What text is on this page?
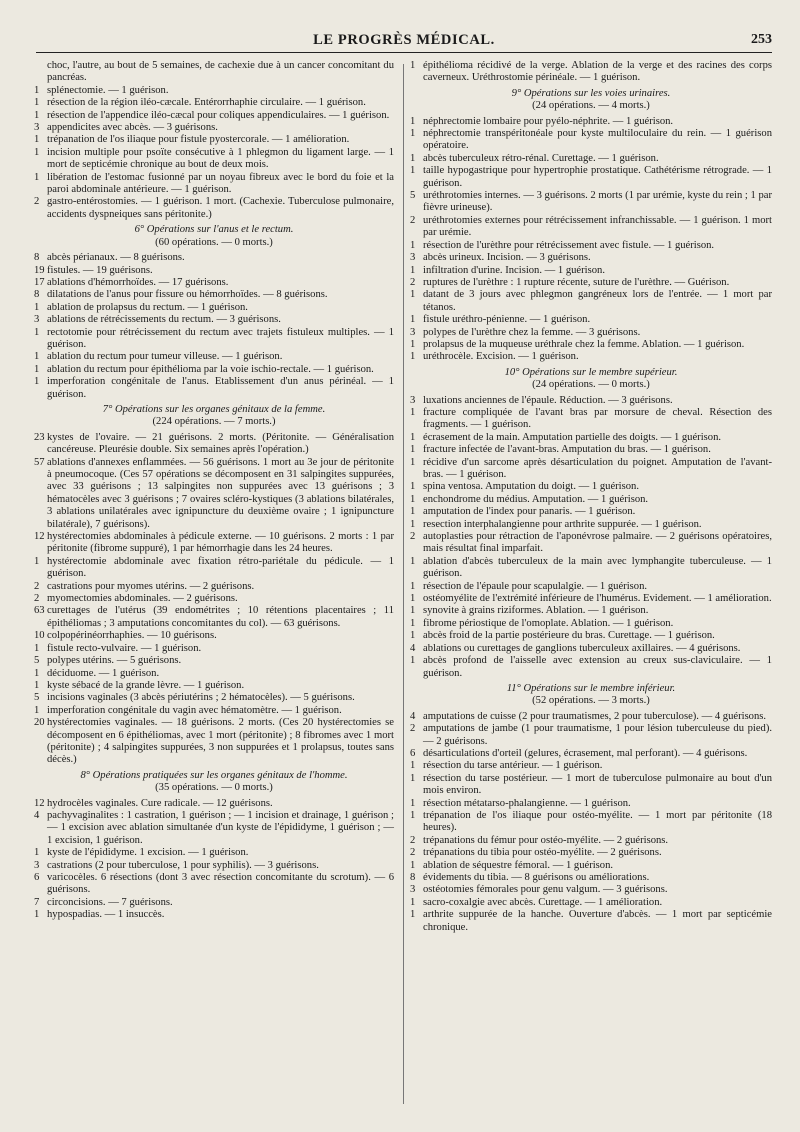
LE PROGRÈS MÉDICAL.	253
choc, l'autre, au bout de 5 semaines, de cachexie due à un cancer concomitant du pancréas.
1 splénectomie. — 1 guérison.
1 résection de la région iléo-cæcale. Entérorrhaphie circulaire. — 1 guérison.
1 résection de l'appendice iléo-cæcal pour coliques appendiculaires. — 1 guérison.
3 appendicites avec abcès. — 3 guérisons.
1 trépanation de l'os iliaque pour fistule pyostercorale. — 1 amélioration.
1 incision multiple pour psoïte consécutive à 1 phlegmon du ligament large. — 1 mort de septicémie chronique au bout de deux mois.
1 libération de l'estomac fusionné par un noyau fibreux avec le bord du foie et la paroi abdominale antérieure. — 1 guérison.
2 gastro-entérostomies. — 1 guérison. 1 mort. (Cachexie. Tuberculose pulmonaire, accidents dyspneiques sans péritonite.)
6° Opérations sur l'anus et le rectum.
(60 opérations. — 0 morts.)
8 abcès périanaux. — 8 guérisons.
19 fistules. — 19 guérisons.
17 ablations d'hémorrhoïdes. — 17 guérisons.
8 dilatations de l'anus pour fissure ou hémorrhoïdes. — 8 guérisons.
1 ablation de prolapsus du rectum. — 1 guérison.
3 ablations de rétrécissements du rectum. — 3 guérisons.
1 rectotomie pour rétrécissement du rectum avec trajets fistuleux multiples. — 1 guérison.
1 ablation du rectum pour tumeur villeuse. — 1 guérison.
1 ablation du rectum pour épithélioma par la voie ischio-rectale. — 1 guérison.
1 imperforation congénitale de l'anus. Etablissement d'un anus périnéal. — 1 guérison.
7° Opérations sur les organes génitaux de la femme.
(224 opérations. — 7 morts.)
23 kystes de l'ovaire. — 21 guérisons. 2 morts. (Péritonite. — Généralisation cancéreuse. Pleurésie double. Six semaines après l'opération.)
57 ablations d'annexes enflammées. — 56 guérisons. 1 mort au 3e jour de péritonite à pneumocoque. (Ces 57 opérations se décomposent en 31 salpingites suppurées, avec 33 guérisons ; 13 salpingites non suppurées avec 13 guérisons ; 3 hématocèles avec 3 guérisons ; 7 ovaires scléro-kystiques (3 ablations bilatérales, 3 ablations unilatérales avec ignipuncture du deuxième ovaire ; 1 ignipuncture bilatérale), 7 guérisons).
12 hystérectomies abdominales à pédicule externe. — 10 guérisons. 2 morts : 1 par péritonite (fibrome suppuré), 1 par hémorrhagie dans les 24 heures.
1 hystérectomie abdominale avec fixation rétro-pariétale du pédicule. — 1 guérison.
2 castrations pour myomes utérins. — 2 guérisons.
2 myomectomies abdominales. — 2 guérisons.
63 curettages de l'utérus (39 endométrites ; 10 rétentions placentaires ; 11 épithéliomas ; 3 amputations concomitantes du col). — 63 guérisons.
10 colpopérinéorrhaphies. — 10 guérisons.
1 fistule recto-vulvaire. — 1 guérison.
5 polypes utérins. — 5 guérisons.
1 déciduome. — 1 guérison.
1 kyste sébacé de la grande lèvre. — 1 guérison.
5 incisions vaginales (3 abcès périutérins ; 2 hématocèles). — 5 guérisons.
1 imperforation congénitale du vagin avec hématomètre. — 1 guérison.
20 hystérectomies vaginales. — 18 guérisons. 2 morts. (Ces 20 hystérectomies se décomposent en 6 épithéliomas, avec 1 mort (péritonite) ; 8 fibromes avec 1 mort (péritonite) ; 4 salpingites suppurées, 3 non suppurées et 1 prolapsus, toutes sans décès.)
8° Opérations pratiquées sur les organes génitaux de l'homme.
(35 opérations. — 0 morts.)
12 hydrocèles vaginales. Cure radicale. — 12 guérisons.
4 pachyvaginalites : 1 castration, 1 guérison ; — 1 incision et drainage, 1 guérison ; — 1 excision avec ablation simultanée d'un kyste de l'épididyme, 1 guérison ; — 1 excision, 1 guérison.
1 kyste de l'épididyme. 1 excision. — 1 guérison.
3 castrations (2 pour tuberculose, 1 pour syphilis). — 3 guérisons.
6 varicocèles. 6 résections (dont 3 avec résection concomitante du scrotum). — 6 guérisons.
7 circoncisions. — 7 guérisons.
1 hypospadias. — 1 insuccès.
1 épithélioma récidivé de la verge. Ablation de la verge et des racines des corps caverneux. Uréthrostomie périnéale. — 1 guérison.
9° Opérations sur les voies urinaires.
(24 opérations. — 4 morts.)
1 néphrectomie lombaire pour pyélo-néphrite. — 1 guérison.
1 néphrectomie transpéritonéale pour kyste multiloculaire du rein. — 1 guérison opératoire.
1 abcès tuberculeux rétro-rénal. Curettage. — 1 guérison.
1 taille hypogastrique pour hypertrophie prostatique. Cathétérisme rétrograde. — 1 guérison.
5 uréthrotomies internes. — 3 guérisons. 2 morts (1 par urémie, kyste du rein ; 1 par fièvre urineuse).
2 uréthrotomies externes pour rétrécissement infranchissable. — 1 guérison. 1 mort par urémie.
1 résection de l'urèthre pour rétrécissement avec fistule. — 1 guérison.
3 abcès urineux. Incision. — 3 guérisons.
1 infiltration d'urine. Incision. — 1 guérison.
2 ruptures de l'urèthre : 1 rupture récente, suture de l'urèthre. — Guérison.
1 datant de 3 jours avec phlegmon gangréneux lors de l'entrée. — 1 mort par tétanos.
1 fistule uréthro-pénienne. — 1 guérison.
3 polypes de l'urèthre chez la femme. — 3 guérisons.
1 prolapsus de la muqueuse uréthrale chez la femme. Ablation. — 1 guérison.
1 uréthrocèle. Excision. — 1 guérison.
10° Opérations sur le membre supérieur.
(24 opérations. — 0 morts.)
3 luxations anciennes de l'épaule. Réduction. — 3 guérisons.
1 fracture compliquée de l'avant bras par morsure de cheval. Résection des fragments. — 1 guérison.
1 écrasement de la main. Amputation partielle des doigts. — 1 guérison.
1 fracture infectée de l'avant-bras. Amputation du bras. — 1 guérison.
1 récidive d'un sarcome après désarticulation du poignet. Amputation de l'avant-bras. — 1 guérison.
1 spina ventosa. Amputation du doigt. — 1 guérison.
1 enchondrome du médius. Amputation. — 1 guérison.
1 amputation de l'index pour panaris. — 1 guérison.
1 resection interphalangienne pour arthrite suppurée. — 1 guérison.
2 autoplasties pour rétraction de l'aponévrose palmaire. — 2 guérisons opératoires, mais résultat final imparfait.
1 ablation d'abcès tuberculeux de la main avec lymphangite tuberculeuse. — 1 guérison.
1 résection de l'épaule pour scapulalgie. — 1 guérison.
1 ostéomyélite de l'extrémité inférieure de l'humérus. Evidement. — 1 amélioration.
1 synovite à grains riziformes. Ablation. — 1 guérison.
1 fibrome périostique de l'omoplate. Ablation. — 1 guérison.
1 abcès froid de la partie postérieure du bras. Curettage. — 1 guérison.
4 ablations ou curettages de ganglions tuberculeux axillaires. — 4 guérisons.
1 abcès profond de l'aisselle avec extension au creux sus-claviculaire. — 1 guérison.
11° Opérations sur le membre inférieur.
(52 opérations. — 3 morts.)
4 amputations de cuisse (2 pour traumatismes, 2 pour tuberculose). — 4 guérisons.
2 amputations de jambe (1 pour traumatisme, 1 pour lésion tuberculeuse du pied). — 2 guérisons.
6 désarticulations d'orteil (gelures, écrasement, mal perforant). — 4 guérisons.
1 résection du tarse antérieur. — 1 guérison.
1 résection du tarse postérieur. — 1 mort de tuberculose pulmonaire au bout d'un mois environ.
1 résection métatarso-phalangienne. — 1 guérison.
1 trépanation de l'os iliaque pour ostéo-myélite. — 1 mort par péritonite (18 heures).
2 trépanations du fémur pour ostéo-myélite. — 2 guérisons.
2 trépanations du tibia pour ostéo-myélite. — 2 guérisons.
1 ablation de séquestre fémoral. — 1 guérison.
8 évidements du tibia. — 8 guérisons ou améliorations.
3 ostéotomies fémorales pour genu valgum. — 3 guérisons.
1 sacro-coxalgie avec abcès. Curettage. — 1 amélioration.
1 arthrite suppurée de la hanche. Ouverture d'abcès. — 1 mort par septicémie chronique.
